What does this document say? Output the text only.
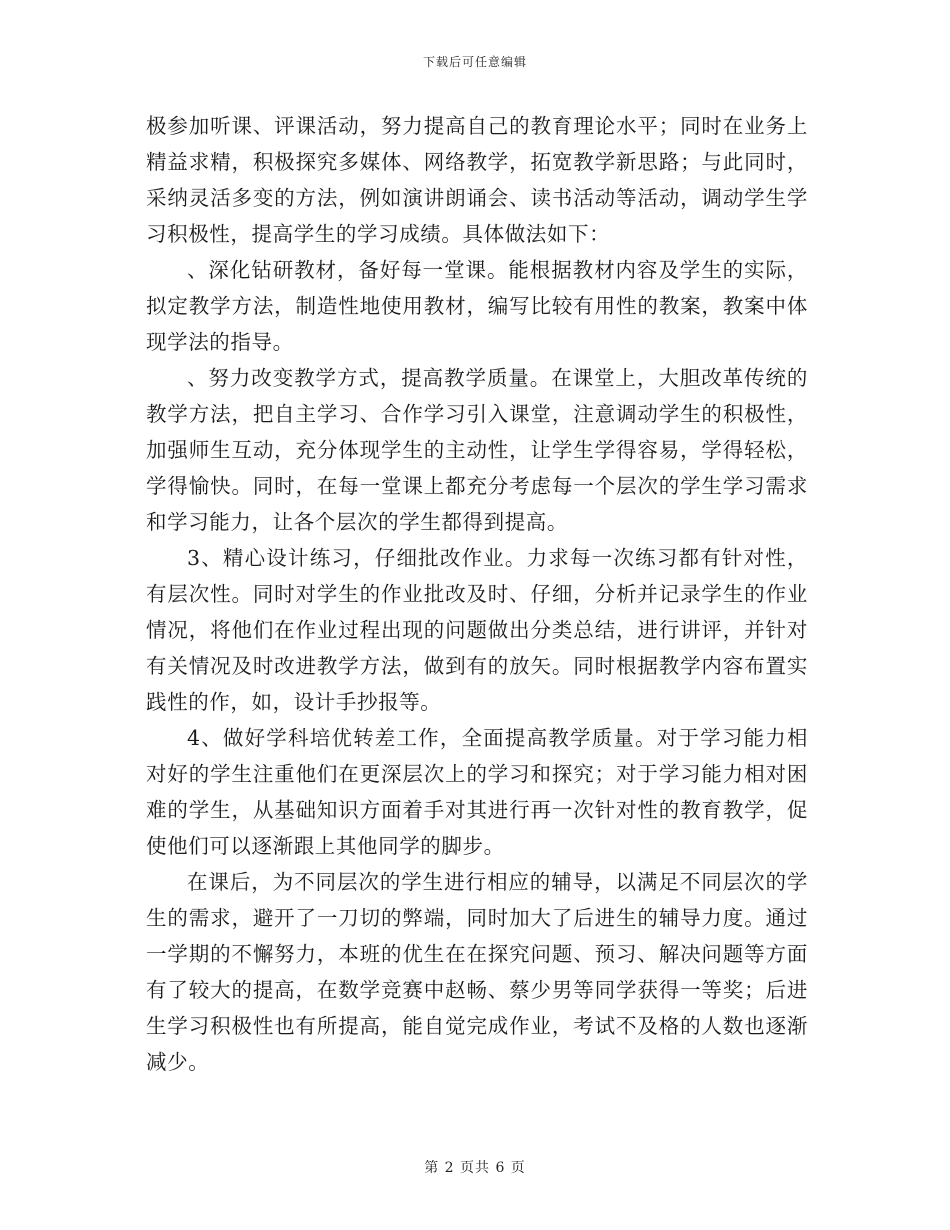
下载后可任意编辑

极参加听课、评课活动，努力提高自己的教育理论水平；同时在业务上精益求精，积极探究多媒体、网络教学，拓宽教学新思路；与此同时，采纳灵活多变的方法，例如演讲朗诵会、读书活动等活动，调动学生学习积极性，提高学生的学习成绩。具体做法如下：

、深化钻研教材，备好每一堂课。能根据教材内容及学生的实际，拟定教学方法，制造性地使用教材，编写比较有用性的教案，教案中体现学法的指导。

、努力改变教学方式，提高教学质量。在课堂上，大胆改革传统的教学方法，把自主学习、合作学习引入课堂，注意调动学生的积极性，加强师生互动，充分体现学生的主动性，让学生学得容易，学得轻松，学得愉快。同时，在每一堂课上都充分考虑每一个层次的学生学习需求和学习能力，让各个层次的学生都得到提高。

3、精心设计练习，仔细批改作业。力求每一次练习都有针对性，有层次性。同时对学生的作业批改及时、仔细，分析并记录学生的作业情况，将他们在作业过程出现的问题做出分类总结，进行讲评，并针对有关情况及时改进教学方法，做到有的放矢。同时根据教学内容布置实践性的作，如，设计手抄报等。

4、做好学科培优转差工作，全面提高教学质量。对于学习能力相对好的学生注重他们在更深层次上的学习和探究；对于学习能力相对困难的学生，从基础知识方面着手对其进行再一次针对性的教育教学，促使他们可以逐渐跟上其他同学的脚步。

在课后，为不同层次的学生进行相应的辅导，以满足不同层次的学生的需求，避开了一刀切的弊端，同时加大了后进生的辅导力度。通过一学期的不懈努力，本班的优生在在探究问题、预习、解决问题等方面有了较大的提高，在数学竞赛中赵畅、蔡少男等同学获得一等奖；后进生学习积极性也有所提高，能自觉完成作业，考试不及格的人数也逐渐减少。

第 2 页共 6 页
